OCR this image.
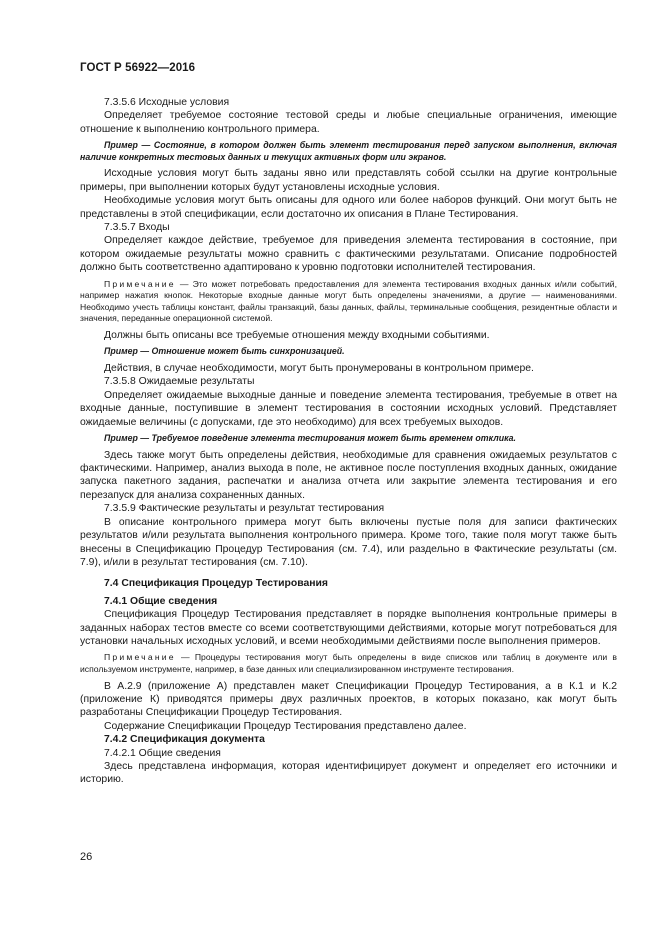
ГОСТ Р 56922—2016

7.3.5.6 Исходные условия

Определяет требуемое состояние тестовой среды и любые специальные ограничения, имеющие отношение к выполнению контрольного примера.

Пример — Состояние, в котором должен быть элемент тестирования перед запуском выполнения, включая наличие конкретных тестовых данных и текущих активных форм или экранов.

Исходные условия могут быть заданы явно или представлять собой ссылки на другие контрольные примеры, при выполнении которых будут установлены исходные условия.

Необходимые условия могут быть описаны для одного или более наборов функций. Они могут быть не представлены в этой спецификации, если достаточно их описания в Плане Тестирования.

7.3.5.7 Входы

Определяет каждое действие, требуемое для приведения элемента тестирования в состояние, при котором ожидаемые результаты можно сравнить с фактическими результатами. Описание подробностей должно быть соответственно адаптировано к уровню подготовки исполнителей тестирования.

Примечание — Это может потребовать предоставления для элемента тестирования входных данных и/или событий, например нажатия кнопок. Некоторые входные данные могут быть определены значениями, а другие — наименованиями. Необходимо учесть таблицы констант, файлы транзакций, базы данных, файлы, терминальные сообщения, резидентные области и значения, переданные операционной системой.

Должны быть описаны все требуемые отношения между входными событиями.

Пример — Отношение может быть синхронизацией.

Действия, в случае необходимости, могут быть пронумерованы в контрольном примере.

7.3.5.8 Ожидаемые результаты

Определяет ожидаемые выходные данные и поведение элемента тестирования, требуемые в ответ на входные данные, поступившие в элемент тестирования в состоянии исходных условий. Представляет ожидаемые величины (с допусками, где это необходимо) для всех требуемых выходов.

Пример — Требуемое поведение элемента тестирования может быть временем отклика.

Здесь также могут быть определены действия, необходимые для сравнения ожидаемых результатов с фактическими. Например, анализ выхода в поле, не активное после поступления входных данных, ожидание запуска пакетного задания, распечатки и анализа отчета или закрытие элемента тестирования и его перезапуск для анализа сохраненных данных.

7.3.5.9 Фактические результаты и результат тестирования

В описание контрольного примера могут быть включены пустые поля для записи фактических результатов и/или результата выполнения контрольного примера. Кроме того, такие поля могут также быть внесены в Спецификацию Процедур Тестирования (см. 7.4), или раздельно в Фактические результаты (см. 7.9), и/или в результат тестирования (см. 7.10).

7.4 Спецификация Процедур Тестирования

7.4.1 Общие сведения

Спецификация Процедур Тестирования представляет в порядке выполнения контрольные примеры в заданных наборах тестов вместе со всеми соответствующими действиями, которые могут потребоваться для установки начальных исходных условий, и всеми необходимыми действиями после выполнения примеров.

Примечание — Процедуры тестирования могут быть определены в виде списков или таблиц в документе или в используемом инструменте, например, в базе данных или специализированном инструменте тестирования.

В А.2.9 (приложение А) представлен макет Спецификации Процедур Тестирования, а в К.1 и К.2 (приложение К) приводятся примеры двух различных проектов, в которых показано, как могут быть разработаны Спецификации Процедур Тестирования.

Содержание Спецификации Процедур Тестирования представлено далее.

7.4.2 Спецификация документа

7.4.2.1 Общие сведения

Здесь представлена информация, которая идентифицирует документ и определяет его источники и историю.

26
